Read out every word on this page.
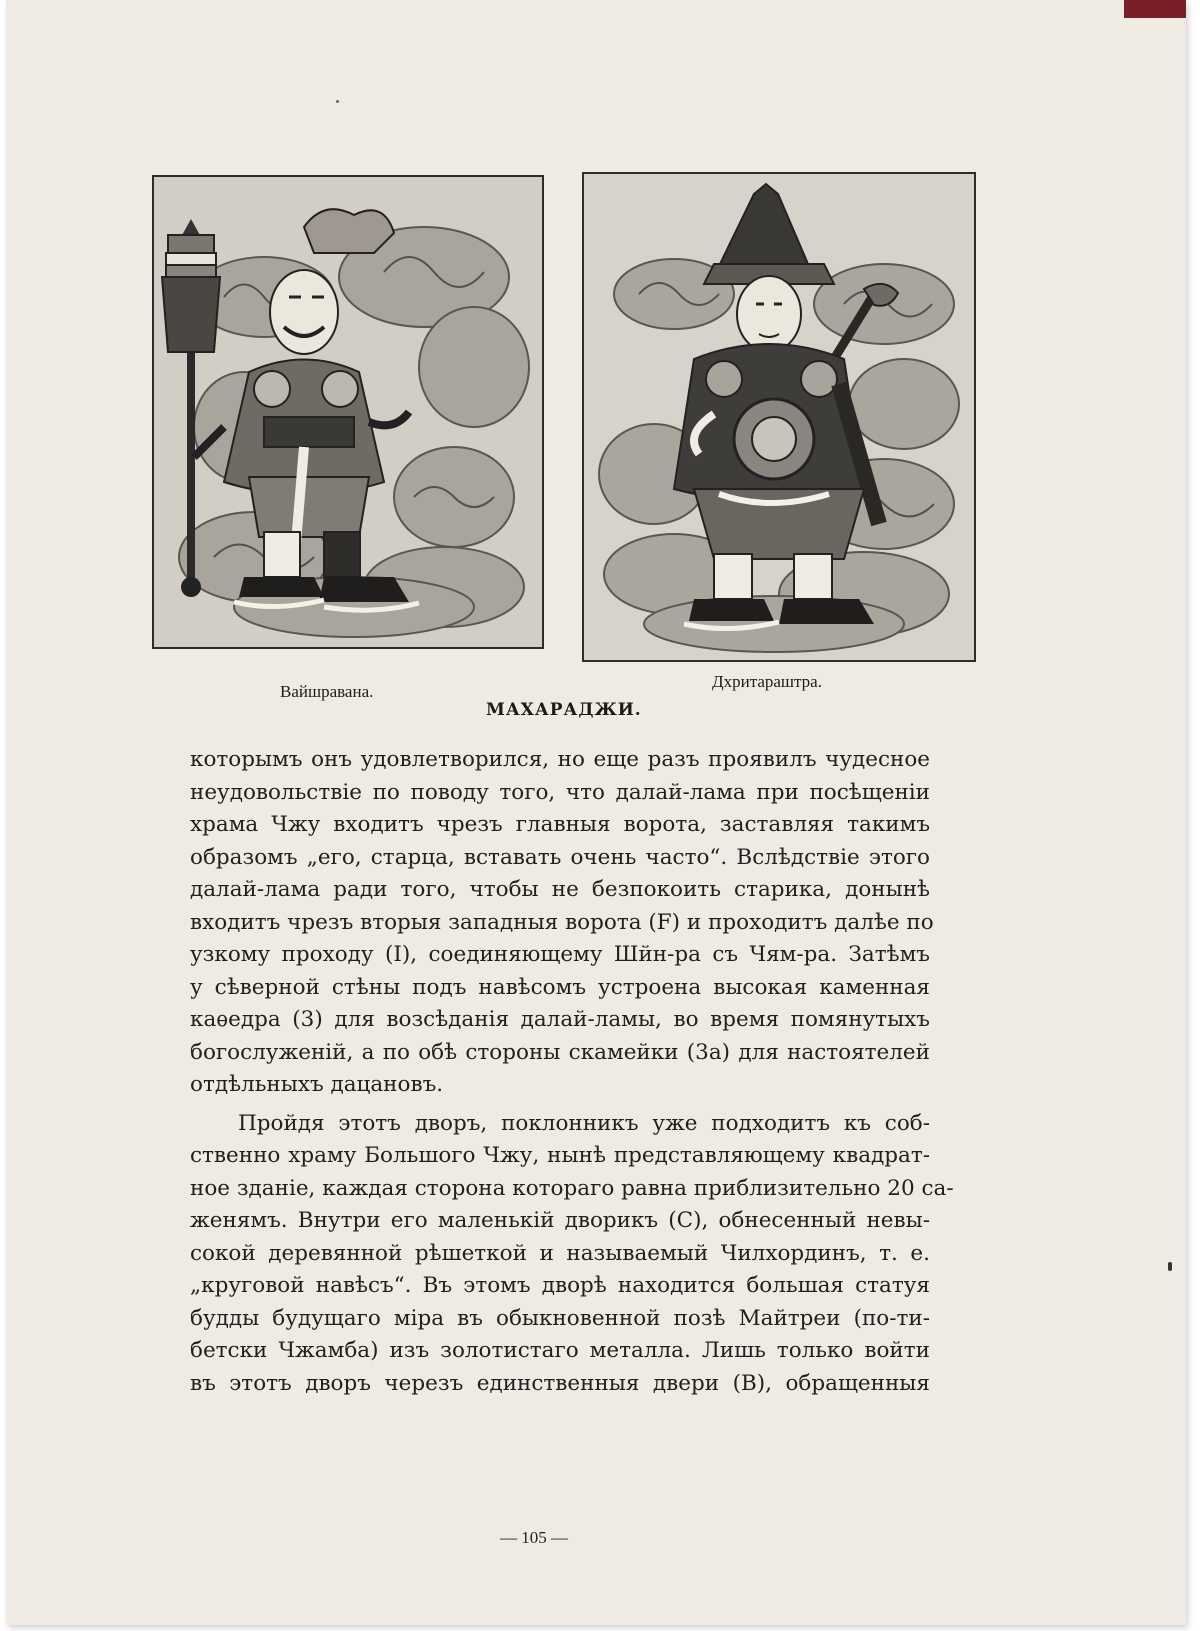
Вайшравана.
Дхритараштра.
МАХАРАДЖИ.
которымъ онъ удовлетворился, но еще разъ проявилъ чудесное
неудовольствіе по поводу того, что далай-лама при посѣщеніи
храма Чжу входитъ чрезъ главныя ворота, заставляя такимъ
образомъ „его, старца, вставать очень часто“. Вслѣдствіе этого
далай-лама ради того, чтобы не безпокоить старика, донынѣ
входитъ чрезъ вторыя западныя ворота (F) и проходитъ далѣе по
узкому проходу (I), соединяющему Шйн-ра съ Чям-ра. Затѣмъ
у сѣверной стѣны подъ навѣсомъ устроена высокая каменная
каѳедра (3) для возсѣданія далай-ламы, во время помянутыхъ
богослуженій, а по обѣ стороны скамейки (3а) для настоятелей
отдѣльныхъ дацановъ.
Пройдя этотъ дворъ, поклонникъ уже подходитъ къ соб-
ственно храму Большого Чжу, нынѣ представляющему квадрат-
ное зданіе, каждая сторона котораго равна приблизительно 20 са-
женямъ. Внутри его маленькій дворикъ (С), обнесенный невы-
сокой деревянной рѣшеткой и называемый Чилхординъ, т. е.
„круговой навѣсъ“. Въ этомъ дворѣ находится большая статуя
будды будущаго міра въ обыкновенной позѣ Майтреи (по-ти-
бетски Чжамба) изъ золотистаго металла. Лишь только войти
въ этотъ дворъ черезъ единственныя двери (В), обращенныя
— 105 —
